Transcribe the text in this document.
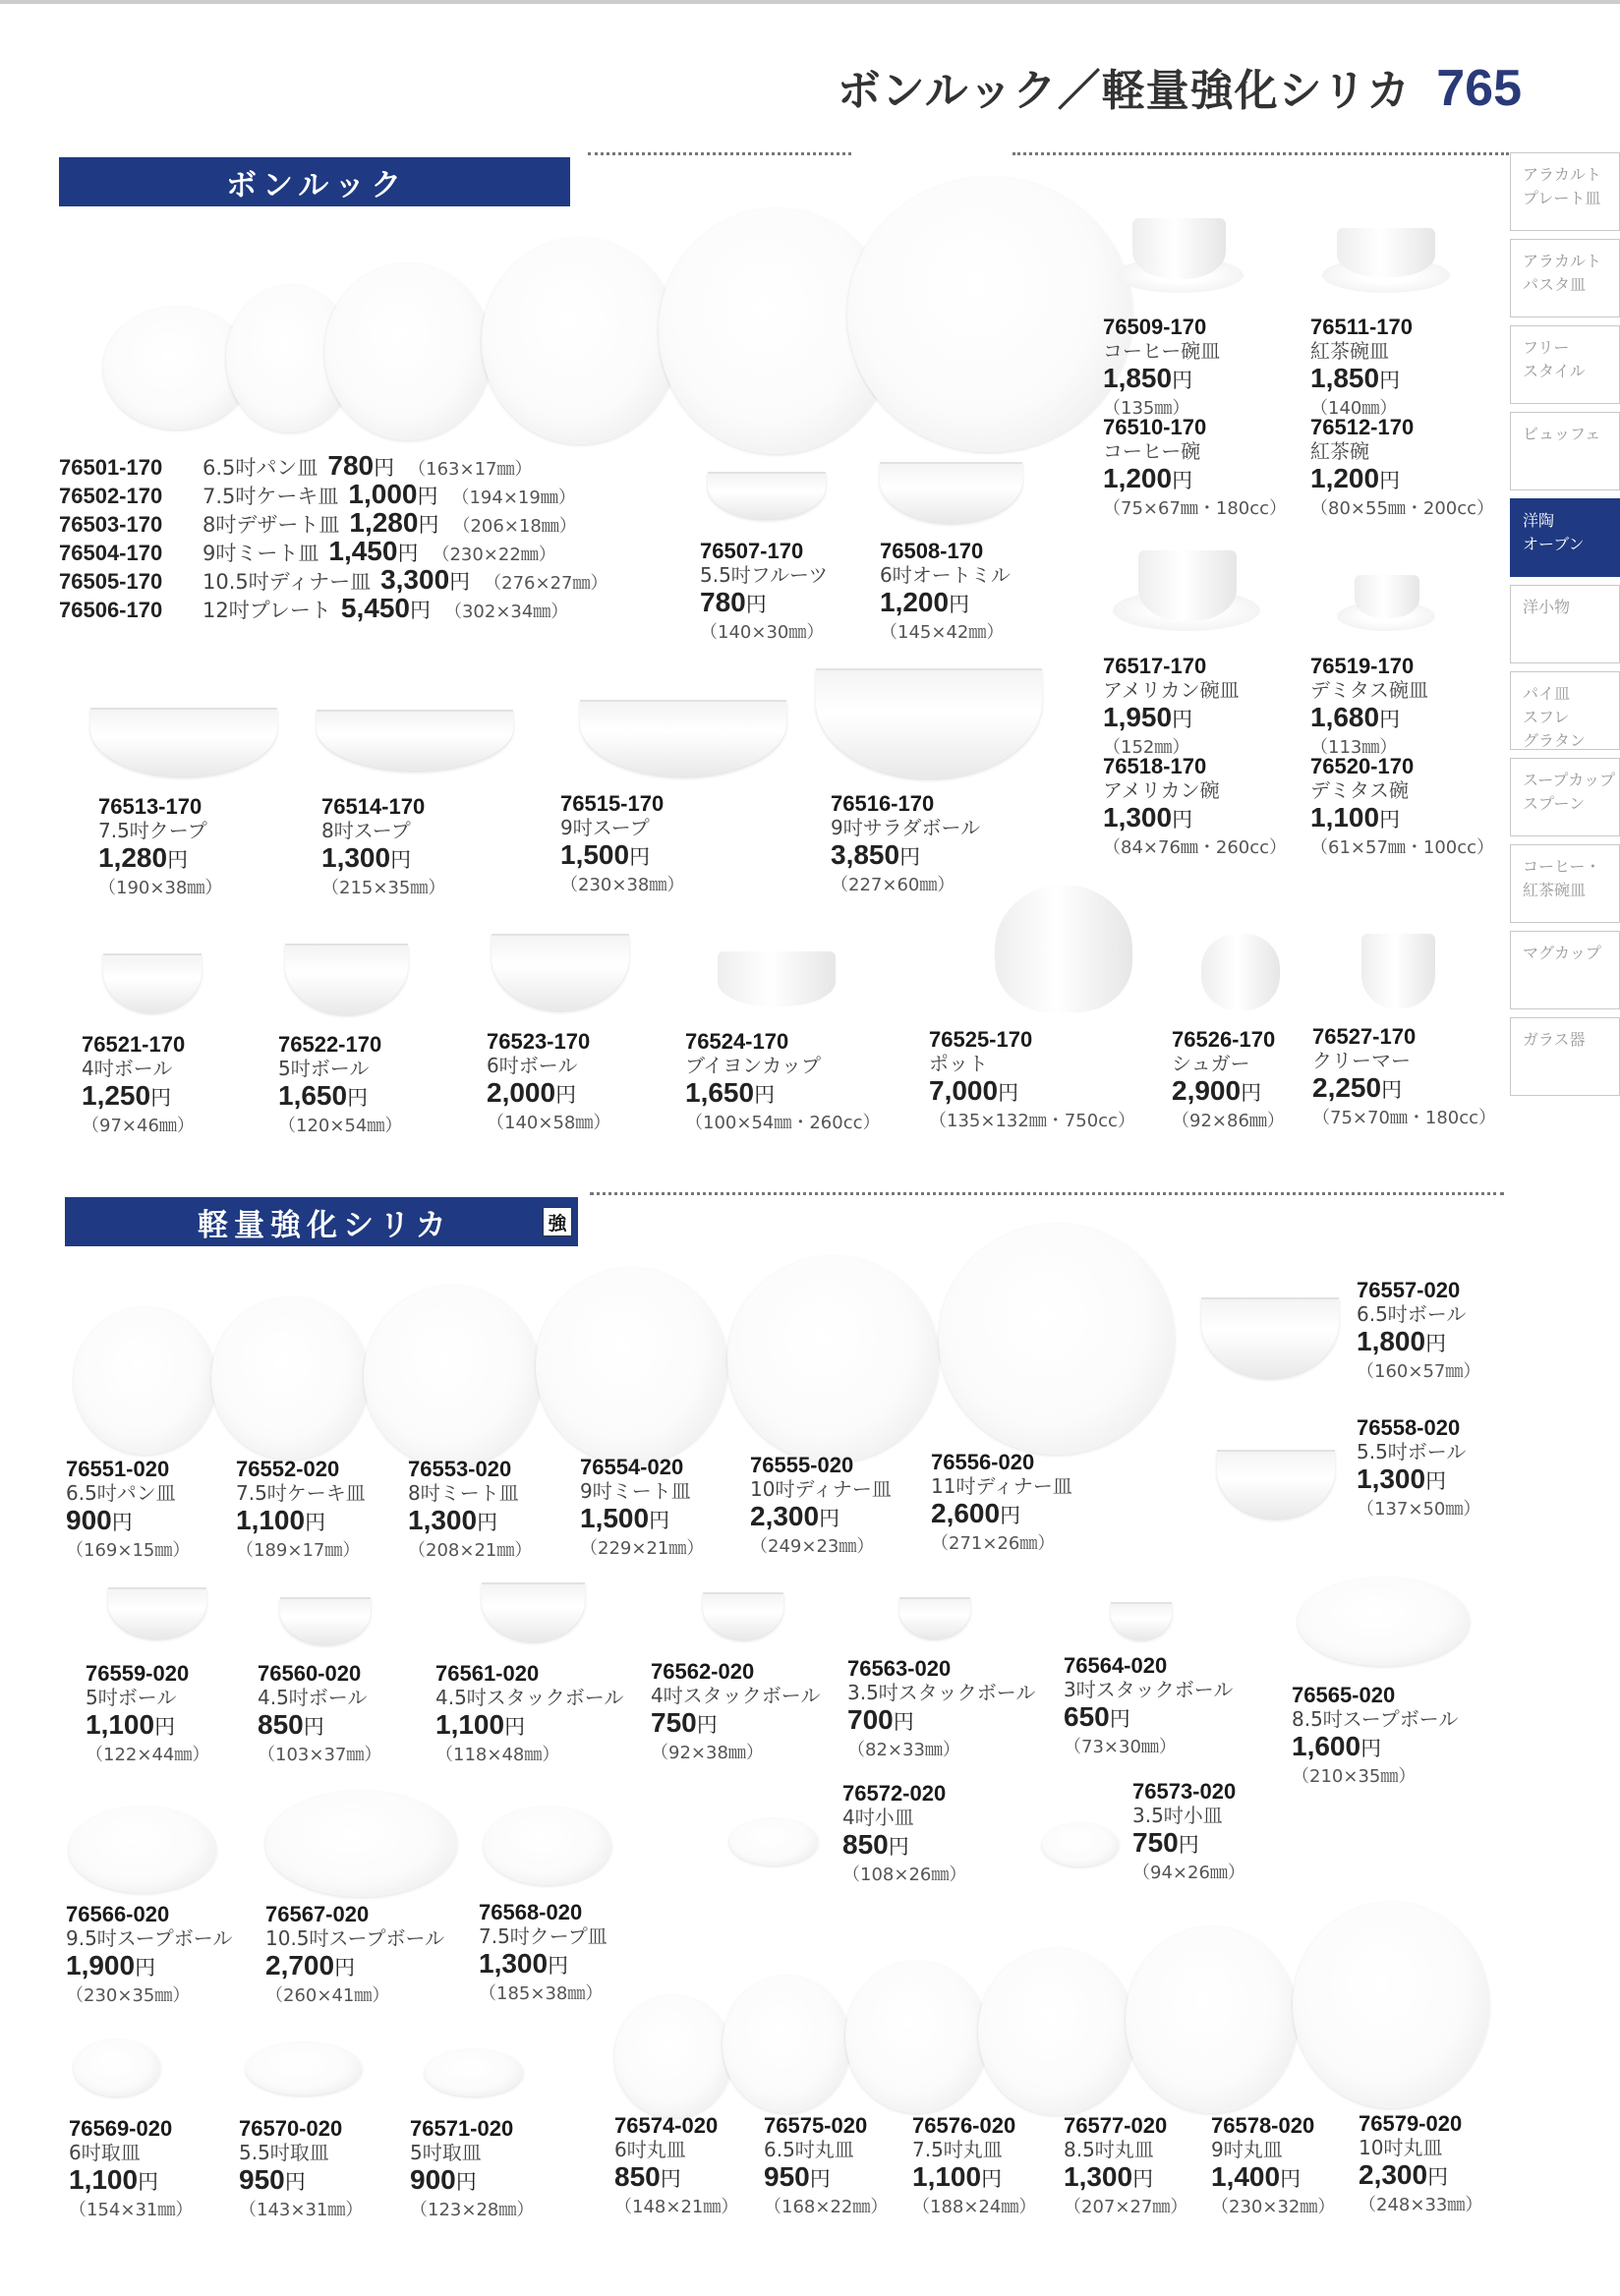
ボンルック／軽量強化シリカ 765
ボンルック
軽量強化シリカ	強
アラカルト
プレート皿
アラカルト
パスタ皿
フリー
スタイル
ビュッフェ
洋陶
オーブン
洋小物
パイ皿
スフレ
グラタン
スープカップ
スプーン
コーヒー・
紅茶碗皿
マグカップ
ガラス器
76501-170	6.5吋パン皿 780 円 （163×17㎜）
76502-170	7.5吋ケーキ皿 1,000 円 （194×19㎜）
76503-170	8吋デザート皿 1,280 円 （206×18㎜）
76504-170	9吋ミート皿 1,450 円 （230×22㎜）
76505-170	10.5吋ディナー皿 3,300 円 （276×27㎜）
76506-170	12吋プレート 5,450 円 （302×34㎜）
76507-170
5.5吋フルーツ
780円
（140×30㎜）
76508-170
6吋オートミル
1,200円
（145×42㎜）
76509-170
コーヒー碗皿
1,850円
（135㎜）
76511-170
紅茶碗皿
1,850円
（140㎜）
76510-170
コーヒー碗
1,200円
（75×67㎜・180cc）
76512-170
紅茶碗
1,200円
（80×55㎜・200cc）
76517-170
アメリカン碗皿
1,950円
（152㎜）
76519-170
デミタス碗皿
1,680円
（113㎜）
76518-170
アメリカン碗
1,300円
（84×76㎜・260cc）
76520-170
デミタス碗
1,100円
（61×57㎜・100cc）
76513-170
7.5吋クープ
1,280円
（190×38㎜）
76514-170
8吋スープ
1,300円
（215×35㎜）
76515-170
9吋スープ
1,500円
（230×38㎜）
76516-170
9吋サラダボール
3,850円
（227×60㎜）
76521-170
4吋ボール
1,250円
（97×46㎜）
76522-170
5吋ボール
1,650円
（120×54㎜）
76523-170
6吋ボール
2,000円
（140×58㎜）
76524-170
ブイヨンカップ
1,650円
（100×54㎜・260cc）
76525-170
ポット
7,000円
（135×132㎜・750cc）
76526-170
シュガー
2,900円
（92×86㎜）
76527-170
クリーマー
2,250円
（75×70㎜・180cc）
76551-020
6.5吋パン皿
900円
（169×15㎜）
76552-020
7.5吋ケーキ皿
1,100円
（189×17㎜）
76553-020
8吋ミート皿
1,300円
（208×21㎜）
76554-020
9吋ミート皿
1,500円
（229×21㎜）
76555-020
10吋ディナー皿
2,300円
（249×23㎜）
76556-020
11吋ディナー皿
2,600円
（271×26㎜）
76557-020
6.5吋ボール
1,800円
（160×57㎜）
76558-020
5.5吋ボール
1,300円
（137×50㎜）
76559-020
5吋ボール
1,100円
（122×44㎜）
76560-020
4.5吋ボール
850円
（103×37㎜）
76561-020
4.5吋スタックボール
1,100円
（118×48㎜）
76562-020
4吋スタックボール
750円
（92×38㎜）
76563-020
3.5吋スタックボール
700円
（82×33㎜）
76564-020
3吋スタックボール
650円
（73×30㎜）
76565-020
8.5吋スープボール
1,600円
（210×35㎜）
76572-020
4吋小皿
850円
（108×26㎜）
76573-020
3.5吋小皿
750円
（94×26㎜）
76566-020
9.5吋スープボール
1,900円
（230×35㎜）
76567-020
10.5吋スープボール
2,700円
（260×41㎜）
76568-020
7.5吋クープ皿
1,300円
（185×38㎜）
76569-020
6吋取皿
1,100円
（154×31㎜）
76570-020
5.5吋取皿
950円
（143×31㎜）
76571-020
5吋取皿
900円
（123×28㎜）
76574-020
6吋丸皿
850円
（148×21㎜）
76575-020
6.5吋丸皿
950円
（168×22㎜）
76576-020
7.5吋丸皿
1,100円
（188×24㎜）
76577-020
8.5吋丸皿
1,300円
（207×27㎜）
76578-020
9吋丸皿
1,400円
（230×32㎜）
76579-020
10吋丸皿
2,300円
（248×33㎜）
